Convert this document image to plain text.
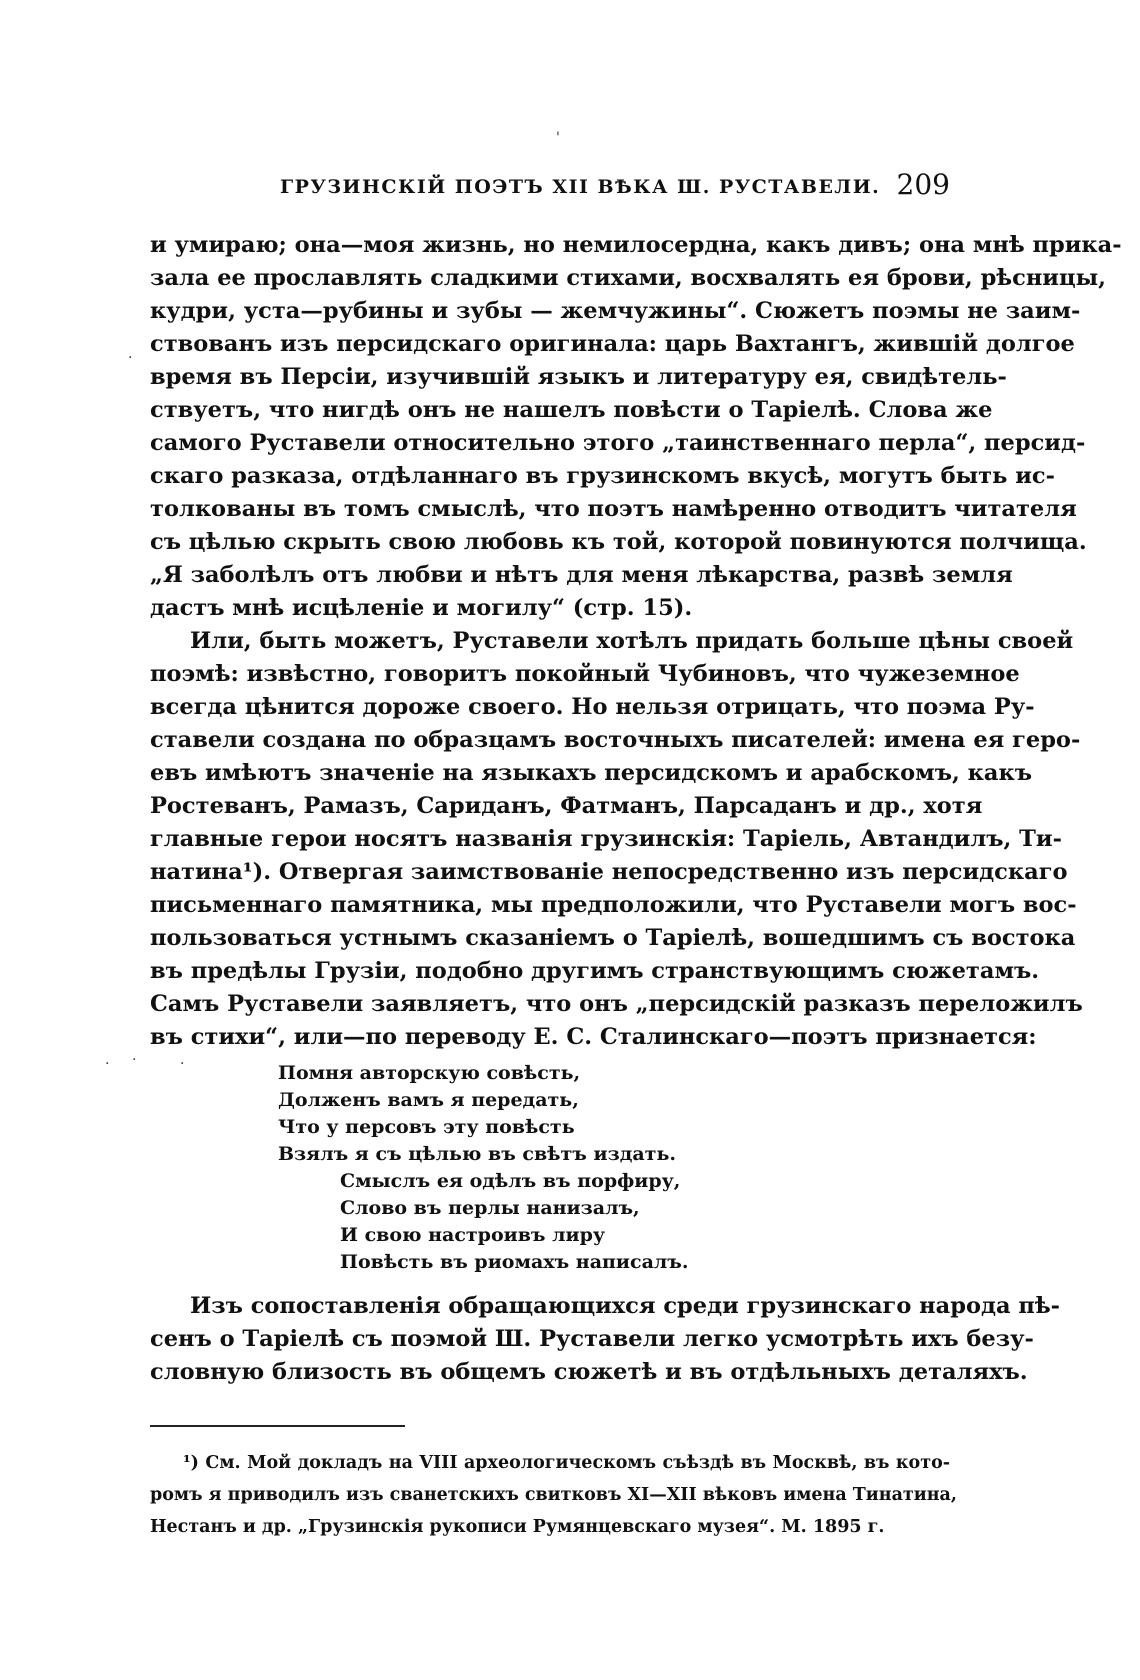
'
.
. ·	·
ГРУЗИНСКІЙ ПОЭТЪ XII ВѢКА Ш. РУСТАВЕЛИ. 209
и умираю; она—моя жизнь, но немилосердна, какъ дивъ; она мнѣ прика-
зала ее прославлять сладкими стихами, восхвалять ея брови, рѣсницы,
кудри, уста—рубины и зубы — жемчужины“. Сюжетъ поэмы не заим-
ствованъ изъ персидскаго оригинала: царь Вахтангъ, жившій долгое
время въ Персіи, изучившій языкъ и литературу ея, свидѣтель-
ствуетъ, что нигдѣ онъ не нашелъ повѣсти о Таріелѣ. Слова же
самого Руставели относительно этого „таинственнаго перла“, персид-
скаго разказа, отдѣланнаго въ грузинскомъ вкусѣ, могутъ быть ис-
толкованы въ томъ смыслѣ, что поэтъ намѣренно отводитъ читателя
съ цѣлью скрыть свою любовь къ той, которой повинуются полчища.
„Я заболѣлъ отъ любви и нѣтъ для меня лѣкарства, развѣ земля
дастъ мнѣ исцѣленіе и могилу“ (стр. 15).
Или, быть можетъ, Руставели хотѣлъ придать больше цѣны своей
поэмѣ: извѣстно, говоритъ покойный Чубиновъ, что чужеземное
всегда цѣнится дороже своего. Но нельзя отрицать, что поэма Ру-
ставели создана по образцамъ восточныхъ писателей: имена ея геро-
евъ имѣютъ значеніе на языкахъ персидскомъ и арабскомъ, какъ
Ростеванъ, Рамазъ, Сариданъ, Фатманъ, Парсаданъ и др., хотя
главные герои носятъ названія грузинскія: Таріель, Автандилъ, Ти-
натина¹). Отвергая заимствованіе непосредственно изъ персидскаго
письменнаго памятника, мы предположили, что Руставели могъ вос-
пользоваться устнымъ сказаніемъ о Таріелѣ, вошедшимъ съ востока
въ предѣлы Грузіи, подобно другимъ странствующимъ сюжетамъ.
Самъ Руставели заявляетъ, что онъ „персидскій разказъ переложилъ
въ стихи“, или—по переводу Е. С. Сталинскаго—поэтъ признается:
Помня авторскую совѣсть,
Долженъ вамъ я передать,
Что у персовъ эту повѣсть
Взялъ я съ цѣлью въ свѣтъ издать.
Смыслъ ея одѣлъ въ порфиру,
Слово въ перлы нанизалъ,
И свою настроивъ лиру
Повѣсть въ риомахъ написалъ.
Изъ сопоставленія обращающихся среди грузинскаго народа пѣ-
сенъ о Таріелѣ съ поэмой Ш. Руставели легко усмотрѣть ихъ безу-
словную близость въ общемъ сюжетѣ и въ отдѣльныхъ деталяхъ.
¹) См. Мой докладъ на VIII археологическомъ съѣздѣ въ Москвѣ, въ кото-
ромъ я приводилъ изъ сванетскихъ свитковъ XI—XII вѣковъ имена Тинатина,
Нестанъ и др. „Грузинскія рукописи Румянцевскаго музея“. М. 1895 г.
